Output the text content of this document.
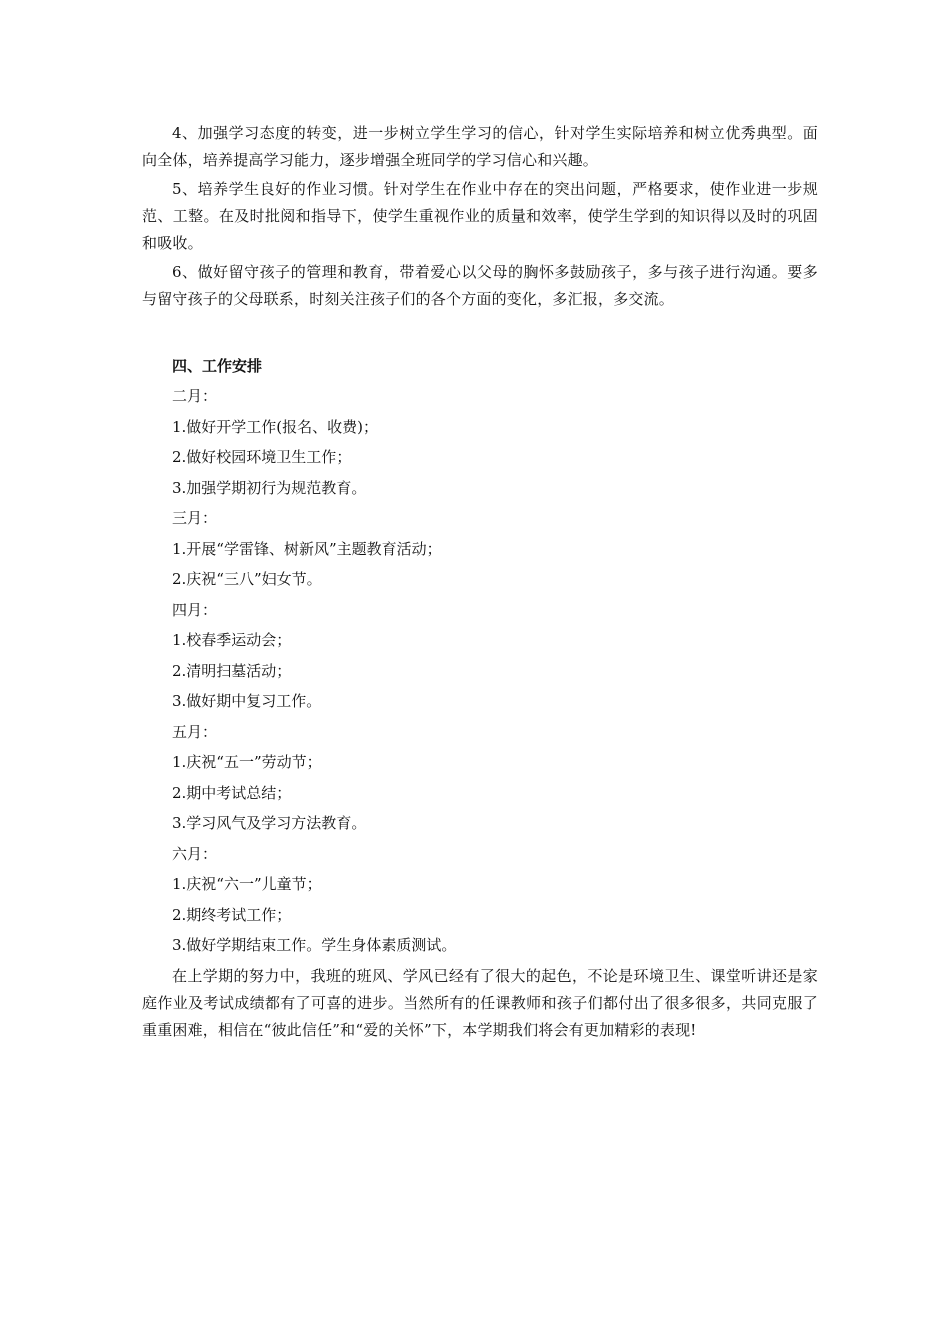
4、加强学习态度的转变，进一步树立学生学习的信心，针对学生实际培养和树立优秀典型。面向全体，培养提高学习能力，逐步增强全班同学的学习信心和兴趣。

5、培养学生良好的作业习惯。针对学生在作业中存在的突出问题，严格要求，使作业进一步规范、工整。在及时批阅和指导下，使学生重视作业的质量和效率，使学生学到的知识得以及时的巩固和吸收。

6、做好留守孩子的管理和教育，带着爱心以父母的胸怀多鼓励孩子，多与孩子进行沟通。要多与留守孩子的父母联系，时刻关注孩子们的各个方面的变化，多汇报，多交流。

四、工作安排
二月：
1.做好开学工作(报名、收费)；
2.做好校园环境卫生工作；
3.加强学期初行为规范教育。
三月：
1.开展“学雷锋、树新风”主题教育活动；
2.庆祝“三八”妇女节。
四月：
1.校春季运动会；
2.清明扫墓活动；
3.做好期中复习工作。
五月：
1.庆祝“五一”劳动节；
2.期中考试总结；
3.学习风气及学习方法教育。
六月：
1.庆祝“六一”儿童节；
2.期终考试工作；
3.做好学期结束工作。学生身体素质测试。

在上学期的努力中，我班的班风、学风已经有了很大的起色，不论是环境卫生、课堂听讲还是家庭作业及考试成绩都有了可喜的进步。当然所有的任课教师和孩子们都付出了很多很多，共同克服了重重困难，相信在“彼此信任”和“爱的关怀”下，本学期我们将会有更加精彩的表现!
